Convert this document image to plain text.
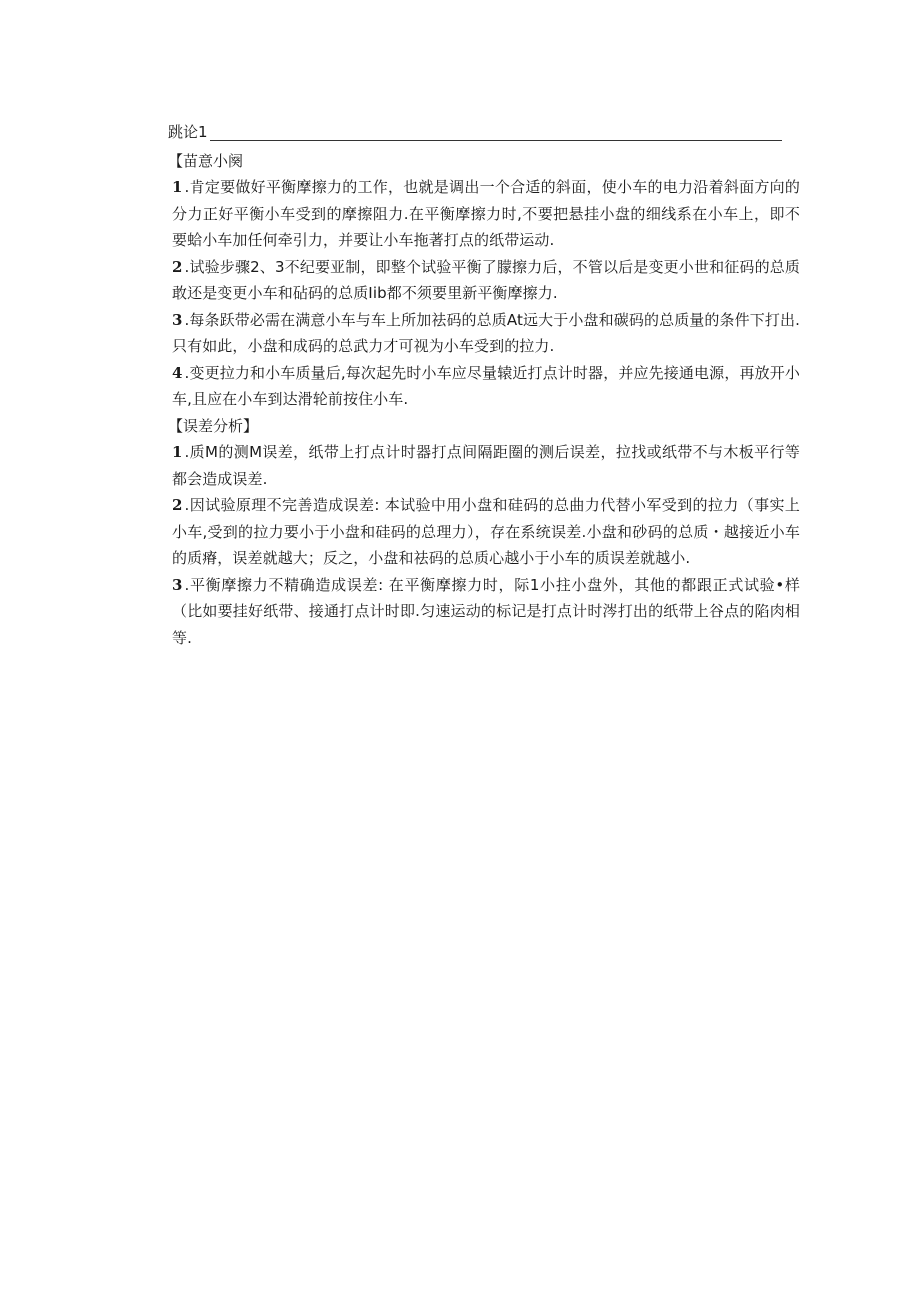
跳论1
【苗意小阕

1 .肯定要做好平衡摩擦力的工作，也就是调出一个合适的斜面，使小车的电力沿着斜面方向的分力正好平衡小车受到的摩擦阻力.在平衡摩擦力时,不要把悬挂小盘的细线系在小车上，即不要蛤小车加任何牵引力，并要让小车拖著打点的纸带运动.

2 .试验步骤2、3不纪要亚制，即整个试验平衡了朦擦力后，不管以后是变更小世和征码的总质敢还是变更小车和砧码的总质Iib都不须要里新平衡摩擦力.

3 .每条跃带必需在满意小车与车上所加祛码的总质At远大于小盘和碳码的总质量的条件下打出.只有如此，小盘和成码的总武力才可视为小车受到的拉力.

4 .变更拉力和小车质量后,每次起先时小车应尽量辕近打点计时器，并应先接通电源，再放开小车,且应在小车到达滑轮前按住小车.

【误差分析】

1 .质M的测M误差，纸带上打点计时器打点间隔距圈的测后误差，拉找或纸带不与木板平行等都会造成误差.

2 .因试验原理不完善造成误差: 本试验中用小盘和硅码的总曲力代替小军受到的拉力（事实上小车,受到的拉力要小于小盘和硅码的总理力），存在系统误差.小盘和砂码的总质・越接近小车的质瘠，误差就越大；反之，小盘和祛码的总质心越小于小车的质误差就越小.

3 .平衡摩擦力不精确造成误差: 在平衡摩擦力时，际1小拄小盘外，其他的都跟正式试验•样（比如要挂好纸带、接通打点计时即.匀速运动的标记是打点计时涔打出的纸带上谷点的陷肉相等.
